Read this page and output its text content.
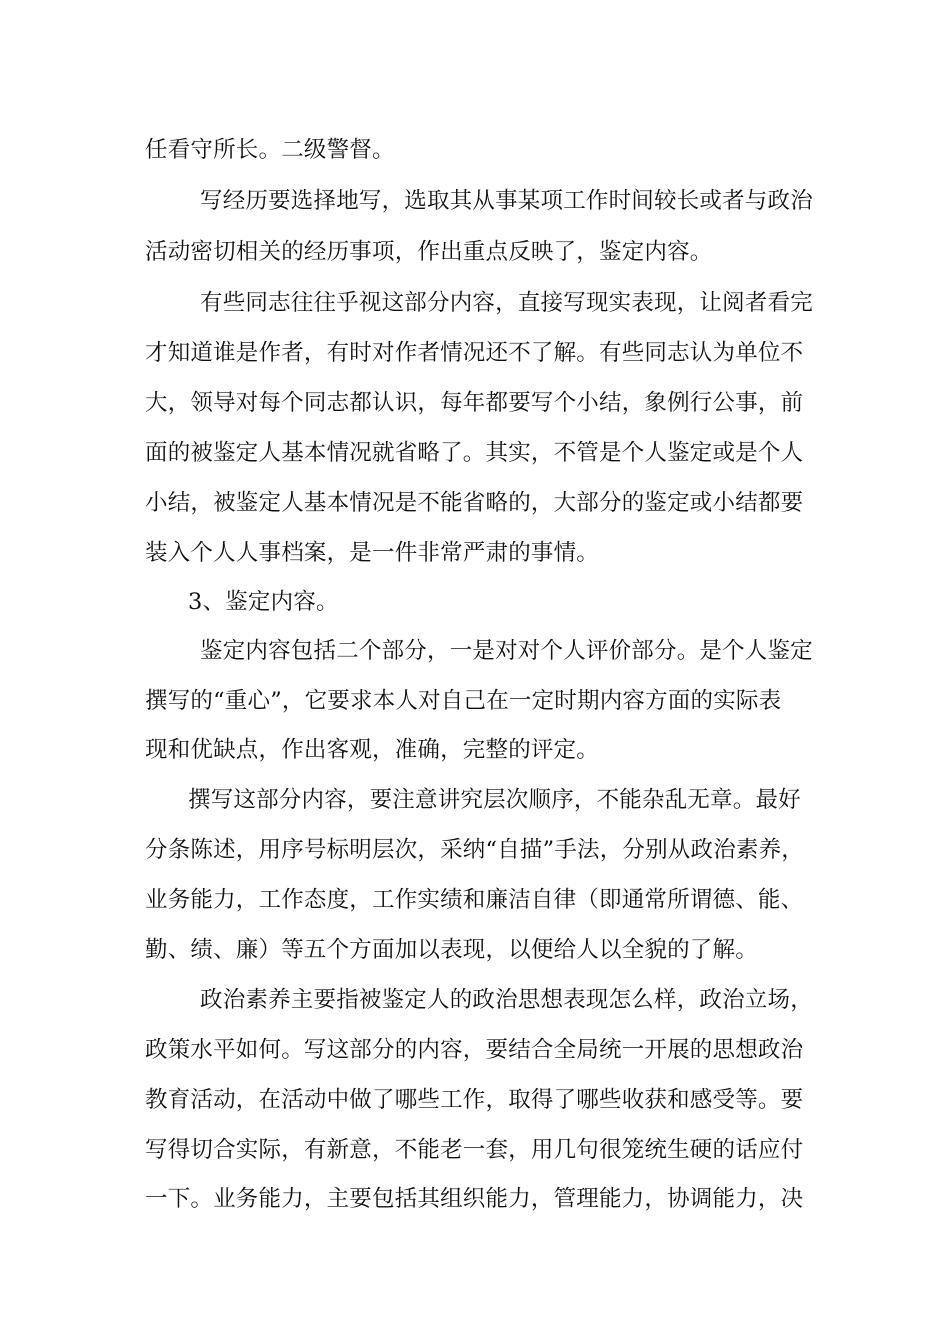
任看守所长。二级警督。
写经历要选择地写，选取其从事某项工作时间较长或者与政治
活动密切相关的经历事项，作出重点反映了，鉴定内容。
有些同志往往乎视这部分内容，直接写现实表现，让阅者看完
才知道谁是作者，有时对作者情况还不了解。有些同志认为单位不
大，领导对每个同志都认识，每年都要写个小结，象例行公事，前
面的被鉴定人基本情况就省略了。其实，不管是个人鉴定或是个人
小结，被鉴定人基本情况是不能省略的，大部分的鉴定或小结都要
装入个人人事档案，是一件非常严肃的事情。
3、鉴定内容。
鉴定内容包括二个部分，一是对对个人评价部分。是个人鉴定
撰写的“重心”，它要求本人对自己在一定时期内容方面的实际表
现和优缺点，作出客观，准确，完整的评定。
撰写这部分内容，要注意讲究层次顺序，不能杂乱无章。最好
分条陈述，用序号标明层次，采纳“自描”手法，分别从政治素养，
业务能力，工作态度，工作实绩和廉洁自律（即通常所谓德、能、
勤、绩、廉）等五个方面加以表现，以便给人以全貌的了解。
政治素养主要指被鉴定人的政治思想表现怎么样，政治立场，
政策水平如何。写这部分的内容，要结合全局统一开展的思想政治
教育活动，在活动中做了哪些工作，取得了哪些收获和感受等。要
写得切合实际，有新意，不能老一套，用几句很笼统生硬的话应付
一下。业务能力，主要包括其组织能力，管理能力，协调能力，决
